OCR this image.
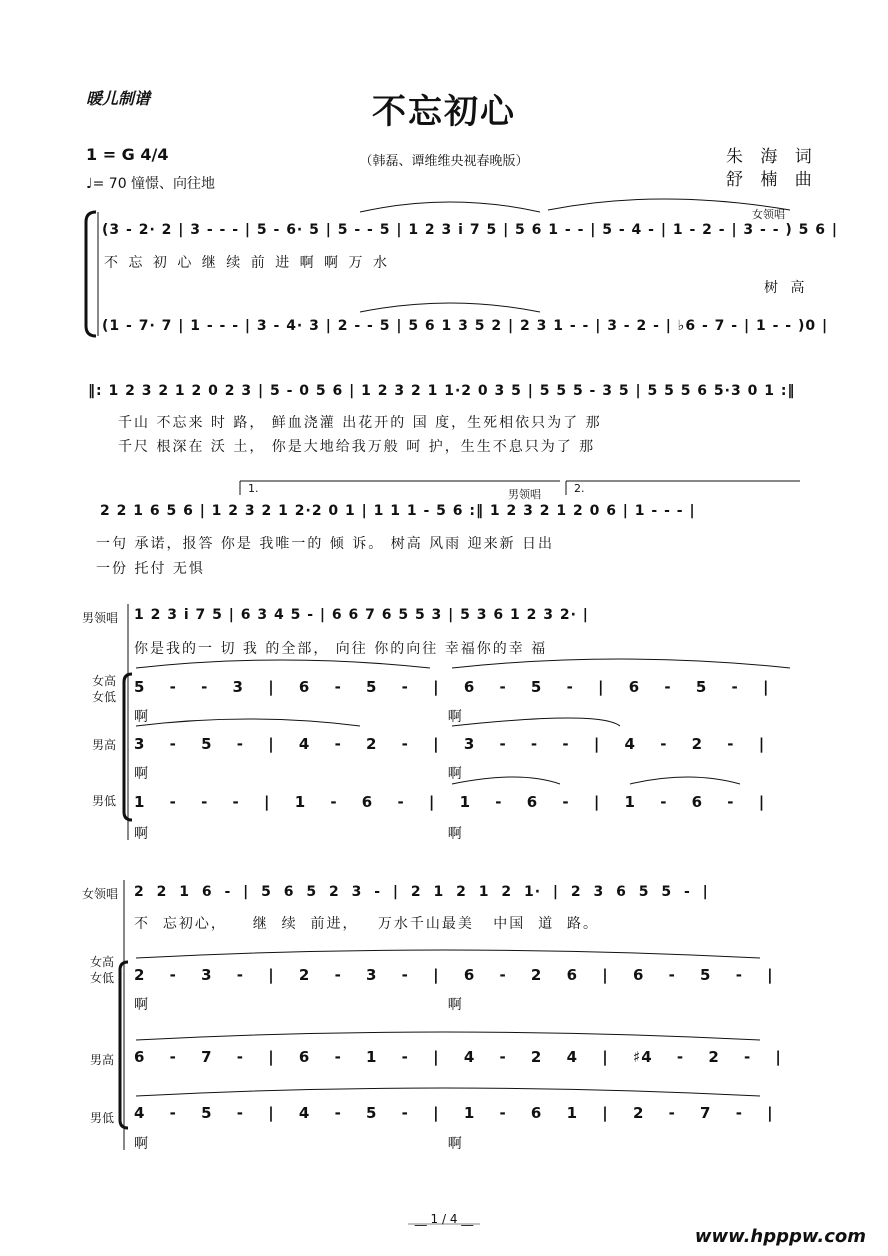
暖儿制谱	不忘初心
（韩磊、谭维维央视春晚版）
1 = G 4/4
♩= 70 憧憬、向往地
朱 海 词
舒 楠 曲
女领唱
(3 - 2· 2 | 3 - - - | 5 - 6· 5 | 5 - - 5 | 1 2 3 i 7 5 | 5 6 1 - - | 5 - 4 - | 1 - 2 - | 3 - - ) 5 6 |
不 忘 初 心 继 续 前 进 啊 啊 万 水
树 高
(1 - 7· 7 | 1 - - - | 3 - 4· 3 | 2 - - 5 | 5 6 1 3 5 2 | 2 3 1 - - | 3 - 2 - | ♭6 - 7 - | 1 - - )0 |
‖: 1 2 3 2 1 2 0 2 3 | 5 - 0 5 6 | 1 2 3 2 1 1·2 0 3 5 | 5 5 5 - 3 5 | 5 5 5 6 5·3 0 1 :‖
千山 不忘来 时 路， 鲜血浇灌 出花开的 国 度，生死相依只为了 那
千尺 根深在 沃 土， 你是大地给我万般 呵 护，生生不息只为了 那
1.	2.
男领唱
2 2 1 6 5 6 | 1 2 3 2 1 2·2 0 1 | 1 1 1 - 5 6 :‖ 1 2 3 2 1 2 0 6 | 1 - - - |
一句 承诺，报答 你是 我唯一的 倾 诉。 树高 风雨 迎来新 日出
一份 托付 无惧
男领唱 1 2 3 i 7 5 | 6 3 4 5 - | 6 6 7 6 5 5 3 | 5 3 6 1 2 3 2· |
你是我的一 切 我 的全部， 向往 你的向往 幸福你的幸 福
女高
女低
5 - - 3 | 6 - 5 - | 6 - 5 - | 6 - 5 - |
啊                                   啊
男高 3 - 5 - | 4 - 2 - | 3 - - - | 4 - 2 - |
啊                                   啊
男低 1 - - - | 1 - 6 - | 1 - 6 - | 1 - 6 - |
啊                                   啊
女领唱 2 2 1 6 - | 5 6 5 2 3 - | 2 1 2 1 2 1· | 2 3 6 5 5 - |
不  忘初心，    继  续  前进，   万水千山最美   中国  道  路。
女高
女低 2 - 3 - | 2 - 3 - | 6 - 2 6 | 6 - 5 - |
啊                                   啊
男高 6 - 7 - | 6 - 1 - | 4 - 2 4 | ♯4 - 2 - |
男低 4 - 5 - | 4 - 5 - | 1 - 6 1 | 2 - 7 - |
啊                                   啊
__ 1 / 4 __
www.hpppw.com
